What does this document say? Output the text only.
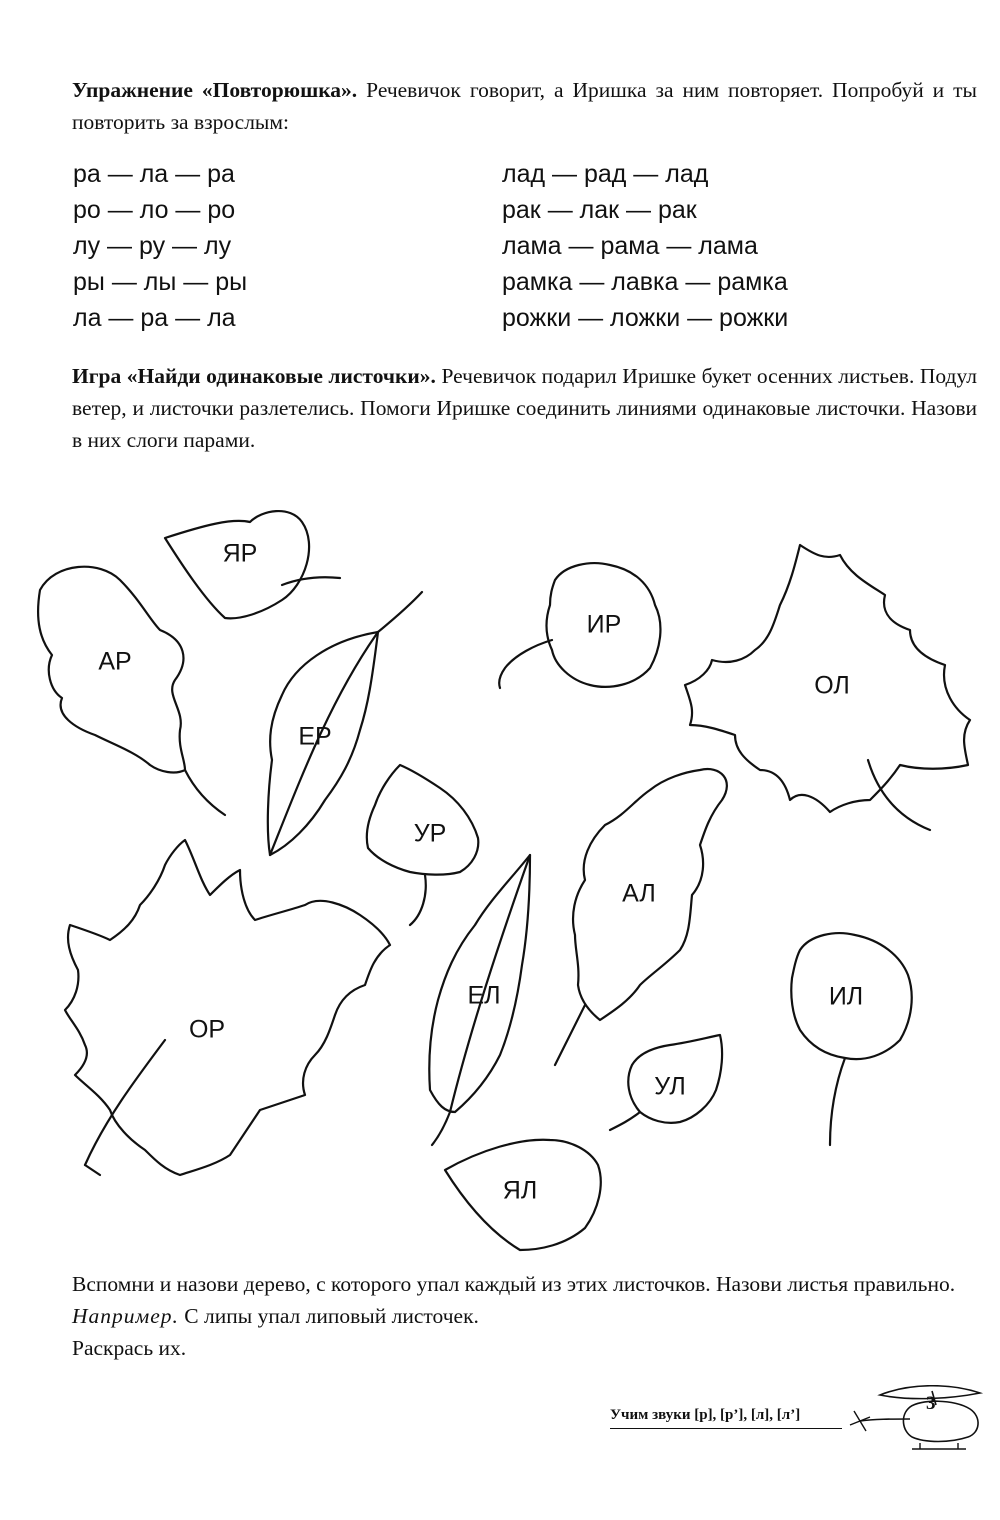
Упражнение «Повторюшка». Речевичок говорит, а Иришка за ним повторяет. Попробуй и ты повторить за взрослым:

ра — ла — ра
ро — ло — ро
лу — ру — лу
ры — лы — ры
ла — ра — ла
лад — рад — лад
рак — лак — рак
лама — рама — лама
рамка — лавка — рамка
рожки — ложки — рожки

Игра «Найди одинаковые листочки». Речевичок подарил Иришке букет осенних листьев. Подул ветер, и листочки разлетелись. Помоги Иришке соединить линиями одинаковые листочки. Назови в них слоги парами.

ЯР
АР
ЕР
ИР
ОЛ
УР
АЛ
ОР
ЕЛ	ИЛ
УЛ
ЯЛ
Вспомни и назови дерево, с которого упал каждый из этих листочков. Назови листья правильно.
Например. С липы упал липовый листочек.
Раскрась их.
Учим звуки [р], [р’], [л], [л’]
3
